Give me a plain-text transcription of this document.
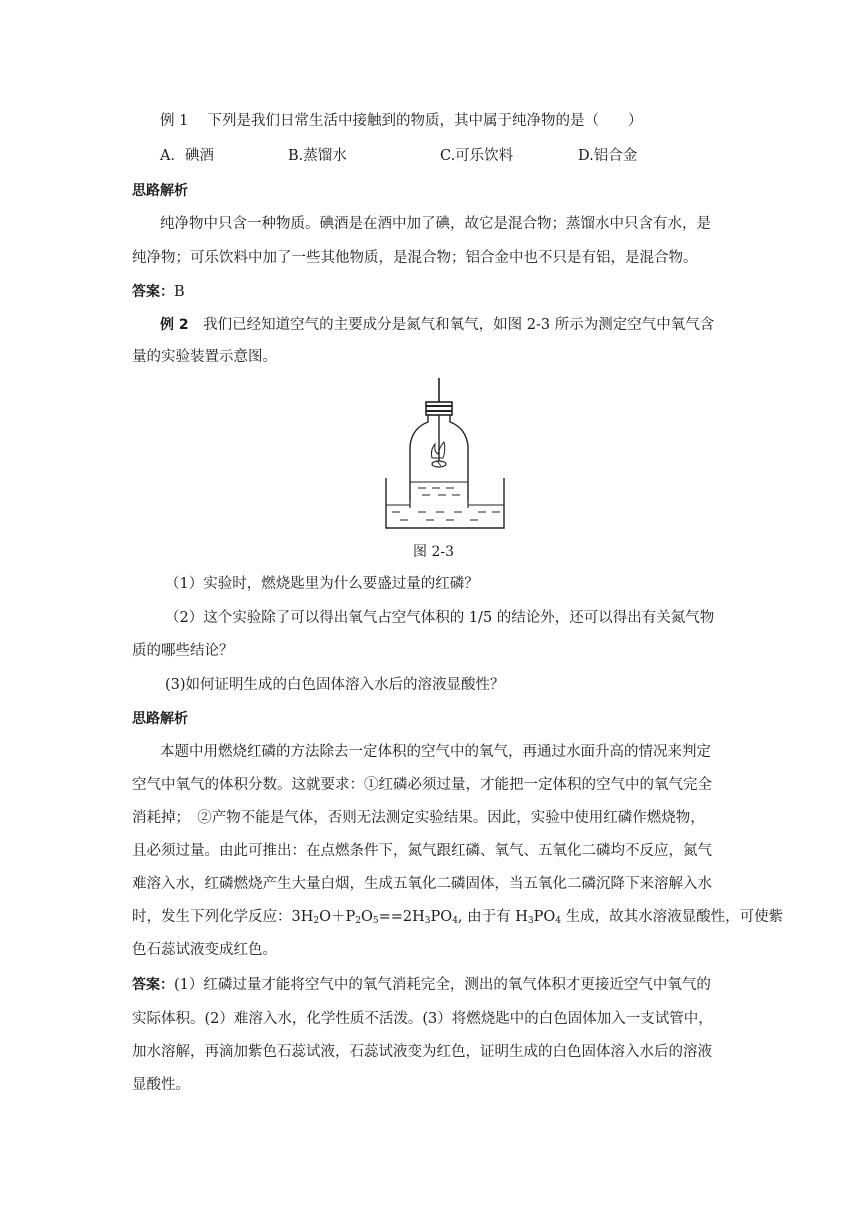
例 1　 下列是我们日常生活中接触到的物质，其中属于纯净物的是（　　）
A．碘酒	B.蒸馏水	C.可乐饮料	D.铝合金
思路解析
纯净物中只含一种物质。碘酒是在酒中加了碘，故它是混合物；蒸馏水中只含有水，是
纯净物；可乐饮料中加了一些其他物质，是混合物；铝合金中也不只是有铝，是混合物。
答案：B
例 2　我们已经知道空气的主要成分是氮气和氧气，如图 2-3 所示为测定空气中氧气含
量的实验装置示意图。
图 2-3
（1）实验时，燃烧匙里为什么要盛过量的红磷？
（2）这个实验除了可以得出氧气占空气体积的 1/5 的结论外，还可以得出有关氮气物
质的哪些结论？
(3)如何证明生成的白色固体溶入水后的溶液显酸性？
思路解析
本题中用燃烧红磷的方法除去一定体积的空气中的氧气，再通过水面升高的情况来判定
空气中氧气的体积分数。这就要求：①红磷必须过量，才能把一定体积的空气中的氧气完全
消耗掉；　②产物不能是气体，否则无法测定实验结果。因此，实验中使用红磷作燃烧物，
且必须过量。由此可推出：在点燃条件下，氮气跟红磷、氧气、五氧化二磷均不反应，氮气
难溶入水，红磷燃烧产生大量白烟，生成五氧化二磷固体，当五氧化二磷沉降下来溶解入水
时，发生下列化学反应：$3H_2O+P_2O_5==2H_3PO_4$, 由于有 $H_3PO_4$ 生成，故其水溶液显酸性，可使紫
色石蕊试液变成红色。
答案：(1）红磷过量才能将空气中的氧气消耗完全，测出的氧气体积才更接近空气中氧气的
实际体积。(2）难溶入水，化学性质不活泼。(3）将燃烧匙中的白色固体加入一支试管中，
加水溶解，再滴加紫色石蕊试液，石蕊试液变为红色，证明生成的白色固体溶入水后的溶液
显酸性。
